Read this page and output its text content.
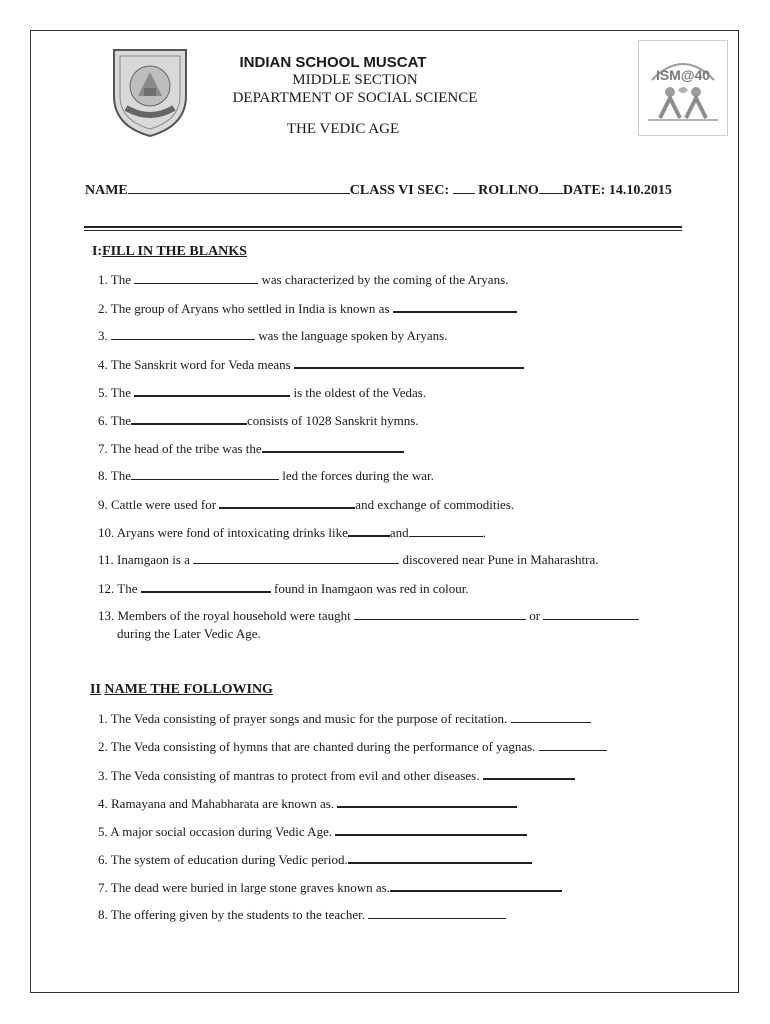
ISM@40
INDIAN SCHOOL MUSCAT
MIDDLE SECTION
DEPARTMENT OF SOCIAL SCIENCE
THE VEDIC AGE
NAME	CLASS VI SEC: ROLLNO DATE: 14.10.2015
I:FILL IN THE BLANKS
1. The	was characterized by the coming of the Aryans.
2. The group of Aryans who settled in India is known as
3.	was the language spoken by Aryans.
4. The Sanskrit word for Veda means
5. The	is the oldest of the Vedas.
6. The	consists of 1028 Sanskrit hymns.
7. The head of the tribe was the
8. The	led the forces during the war.
9. Cattle were used for	and exchange of commodities.
10. Aryans were fond of intoxicating drinks like	and	.
11. Inamgaon is a	discovered near Pune in Maharashtra.
12. The	found in Inamgaon was red in colour.
13. Members of the royal household were taught	or
during the Later Vedic Age.
II NAME THE FOLLOWING
1. The Veda consisting of prayer songs and music for the purpose of recitation.
2. The Veda consisting of hymns that are chanted during the performance of yagnas.
3. The Veda consisting of mantras to protect from evil and other diseases.
4. Ramayana and Mahabharata are known as.
5. A major social occasion during Vedic Age.
6. The system of education during Vedic period.
7. The dead were buried in large stone graves known as.
8. The offering given by the students to the teacher.
